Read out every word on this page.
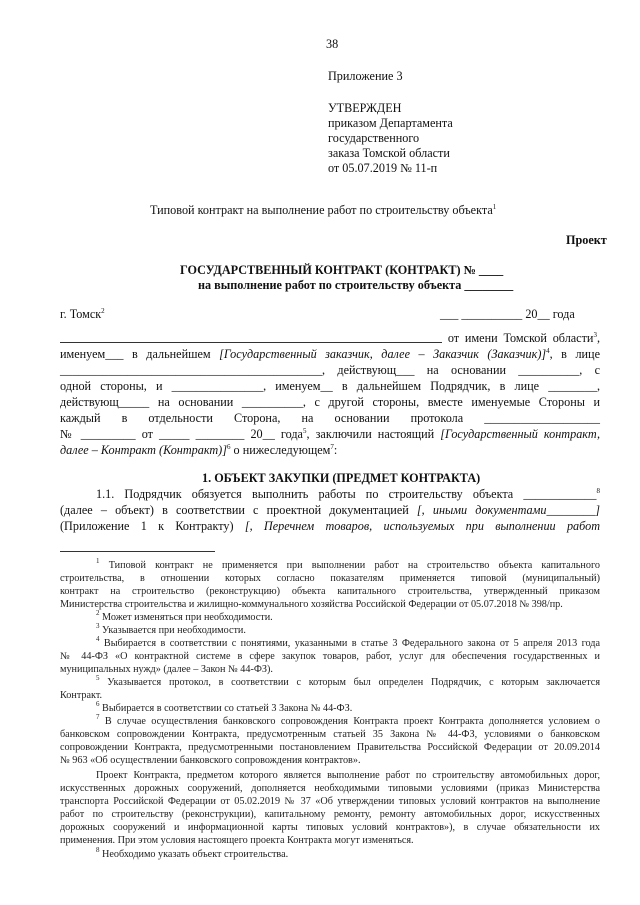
38
Приложение 3
УТВЕРЖДЕН
приказом Департамента
государственного
заказа Томской области
от 05.07.2019 № 11-п
Типовой контракт на выполнение работ по строительству объекта$^1$
Проект
ГОСУДАРСТВЕННЫЙ КОНТРАКТ (КОНТРАКТ) № ____
на выполнение работ по строительству объекта ________
г. Томск$^2$	___ __________ 20__ года
от имени Томской области$^3$,
именуем___ в дальнейшем [Государственный заказчик, далее – Заказчик (Заказчик)]$^4$, в лице
___________________________________________, действующ___ на основании __________, с
одной стороны, и _______________, именуем__ в дальнейшем Подрядчик, в лице ________,
действующ_____ на основании __________, с другой стороны, вместе именуемые Стороны и
каждый в отдельности Сторона, на основании протокола ___________________
№ _________ от _____ ________ 20__ года$^5$, заключили настоящий [Государственный контракт,
далее – Контракт (Контракт)]$^6$ о нижеследующем$^7$:
1. ОБЪЕКТ ЗАКУПКИ (ПРЕДМЕТ КОНТРАКТА)
1.1. Подрядчик обязуется выполнить работы по строительству объекта ____________$^8$
(далее – объект) в соответствии с проектной документацией [, иными документами________]
(Приложение 1 к Контракту) [, Перечнем товаров, используемых при выполнении работ
$^1$ Типовой контракт не применяется при выполнении работ на строительство объекта капитального
строительства, в отношении которых согласно показателям применяется типовой (муниципальный)
контракт на строительство (реконструкцию) объекта капитального строительства, утвержденный приказом
Министерства строительства и жилищно-коммунального хозяйства Российской Федерации от 05.07.2018 № 398/пр.
$^2$ Может изменяться при необходимости.
$^3$ Указывается при необходимости.
$^4$ Выбирается в соответствии с понятиями, указанными в статье 3 Федерального закона от 5 апреля 2013 года
№ 44-ФЗ «О контрактной системе в сфере закупок товаров, работ, услуг для обеспечения государственных и
муниципальных нужд» (далее – Закон № 44-ФЗ).
$^5$ Указывается протокол, в соответствии с которым был определен Подрядчик, с которым заключается
Контракт.
$^6$ Выбирается в соответствии со статьей 3 Закона № 44-ФЗ.
$^7$ В случае осуществления банковского сопровождения Контракта проект Контракта дополняется условием о
банковском сопровождении Контракта, предусмотренным статьей 35 Закона № 44-ФЗ, условиями о банковском
сопровождении Контракта, предусмотренными постановлением Правительства Российской Федерации от 20.09.2014
№ 963 «Об осуществлении банковского сопровождения контрактов».
Проект Контракта, предметом которого является выполнение работ по строительству автомобильных дорог,
искусственных дорожных сооружений, дополняется необходимыми типовыми условиями (приказ Министерства
транспорта Российской Федерации от 05.02.2019 № 37 «Об утверждении типовых условий контрактов на выполнение
работ по строительству (реконструкции), капитальному ремонту, ремонту автомобильных дорог, искусственных
дорожных сооружений и информационной карты типовых условий контрактов»), в случае обязательности их
применения. При этом условия настоящего проекта Контракта могут изменяться.
$^8$ Необходимо указать объект строительства.
